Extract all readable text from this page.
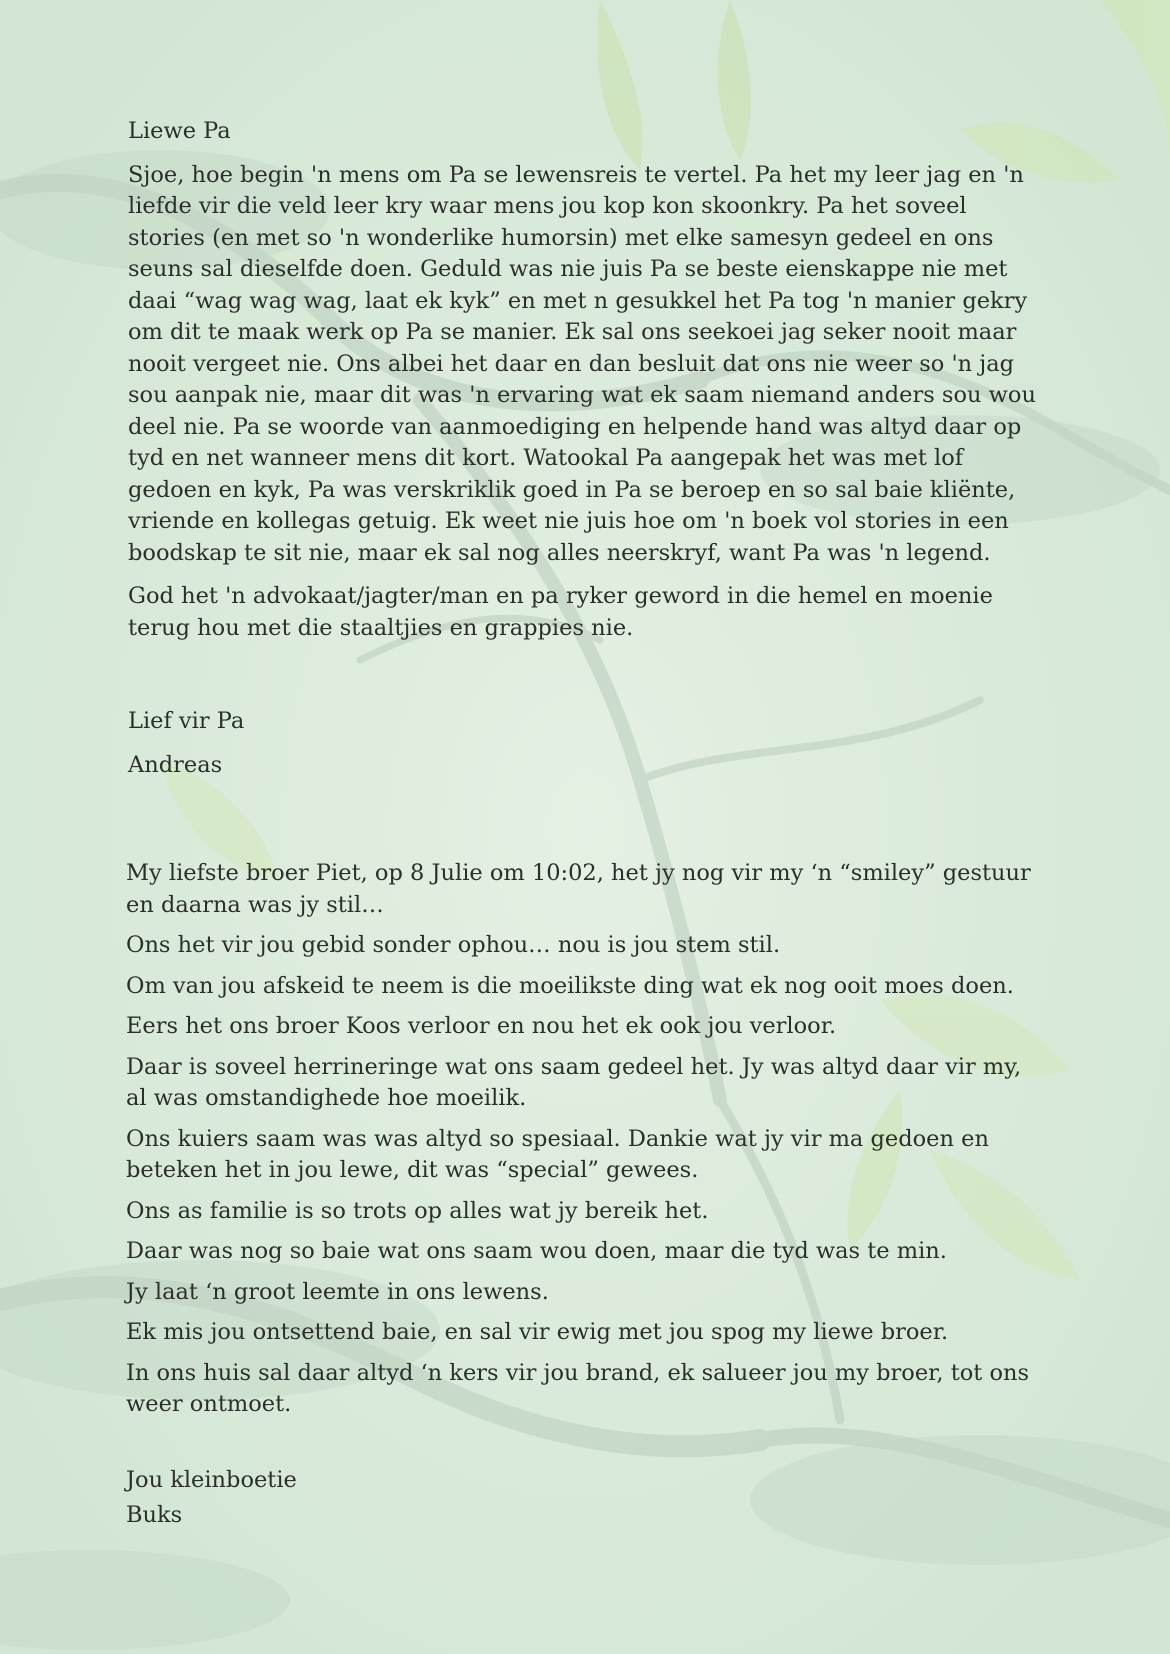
Liewe Pa

Sjoe, hoe begin 'n mens om Pa se lewensreis te vertel. Pa het my leer jag en 'n liefde vir die veld leer kry waar mens jou kop kon skoonkry. Pa het soveel stories (en met so 'n wonderlike humorsin) met elke samesyn gedeel en ons seuns sal dieselfde doen. Geduld was nie juis Pa se beste eienskappe nie met daai “wag wag wag, laat ek kyk” en met n gesukkel het Pa tog 'n manier gekry om dit te maak werk op Pa se manier. Ek sal ons seekoei jag seker nooit maar nooit vergeet nie. Ons albei het daar en dan besluit dat ons nie weer so 'n jag sou aanpak nie, maar dit was 'n ervaring wat ek saam niemand anders sou wou deel nie. Pa se woorde van aanmoediging en helpende hand was altyd daar op tyd en net wanneer mens dit kort. Watookal Pa aangepak het was met lof gedoen en kyk, Pa was verskriklik goed in Pa se beroep en so sal baie kliënte, vriende en kollegas getuig. Ek weet nie juis hoe om 'n boek vol stories in een boodskap te sit nie, maar ek sal nog alles neerskryf, want Pa was 'n legend.

God het 'n advokaat/jagter/man en pa ryker geword in die hemel en moenie terug hou met die staaltjies en grappies nie.

Lief vir Pa

Andreas

My liefste broer Piet, op 8 Julie om 10:02, het jy nog vir my ‘n “smiley” gestuur en daarna was jy stil…

Ons het vir jou gebid sonder ophou… nou is jou stem stil.

Om van jou afskeid te neem is die moeilikste ding wat ek nog ooit moes doen.

Eers het ons broer Koos verloor en nou het ek ook jou verloor.

Daar is soveel herrineringe wat ons saam gedeel het. Jy was altyd daar vir my, al was omstandighede hoe moeilik.

Ons kuiers saam was was altyd so spesiaal. Dankie wat jy vir ma gedoen en beteken het in jou lewe, dit was “special” gewees.

Ons as familie is so trots op alles wat jy bereik het.

Daar was nog so baie wat ons saam wou doen, maar die tyd was te min.

Jy laat ‘n groot leemte in ons lewens.

Ek mis jou ontsettend baie, en sal vir ewig met jou spog my liewe broer.

In ons huis sal daar altyd ‘n kers vir jou brand, ek salueer jou my broer, tot ons weer ontmoet.

Jou kleinboetie

Buks
